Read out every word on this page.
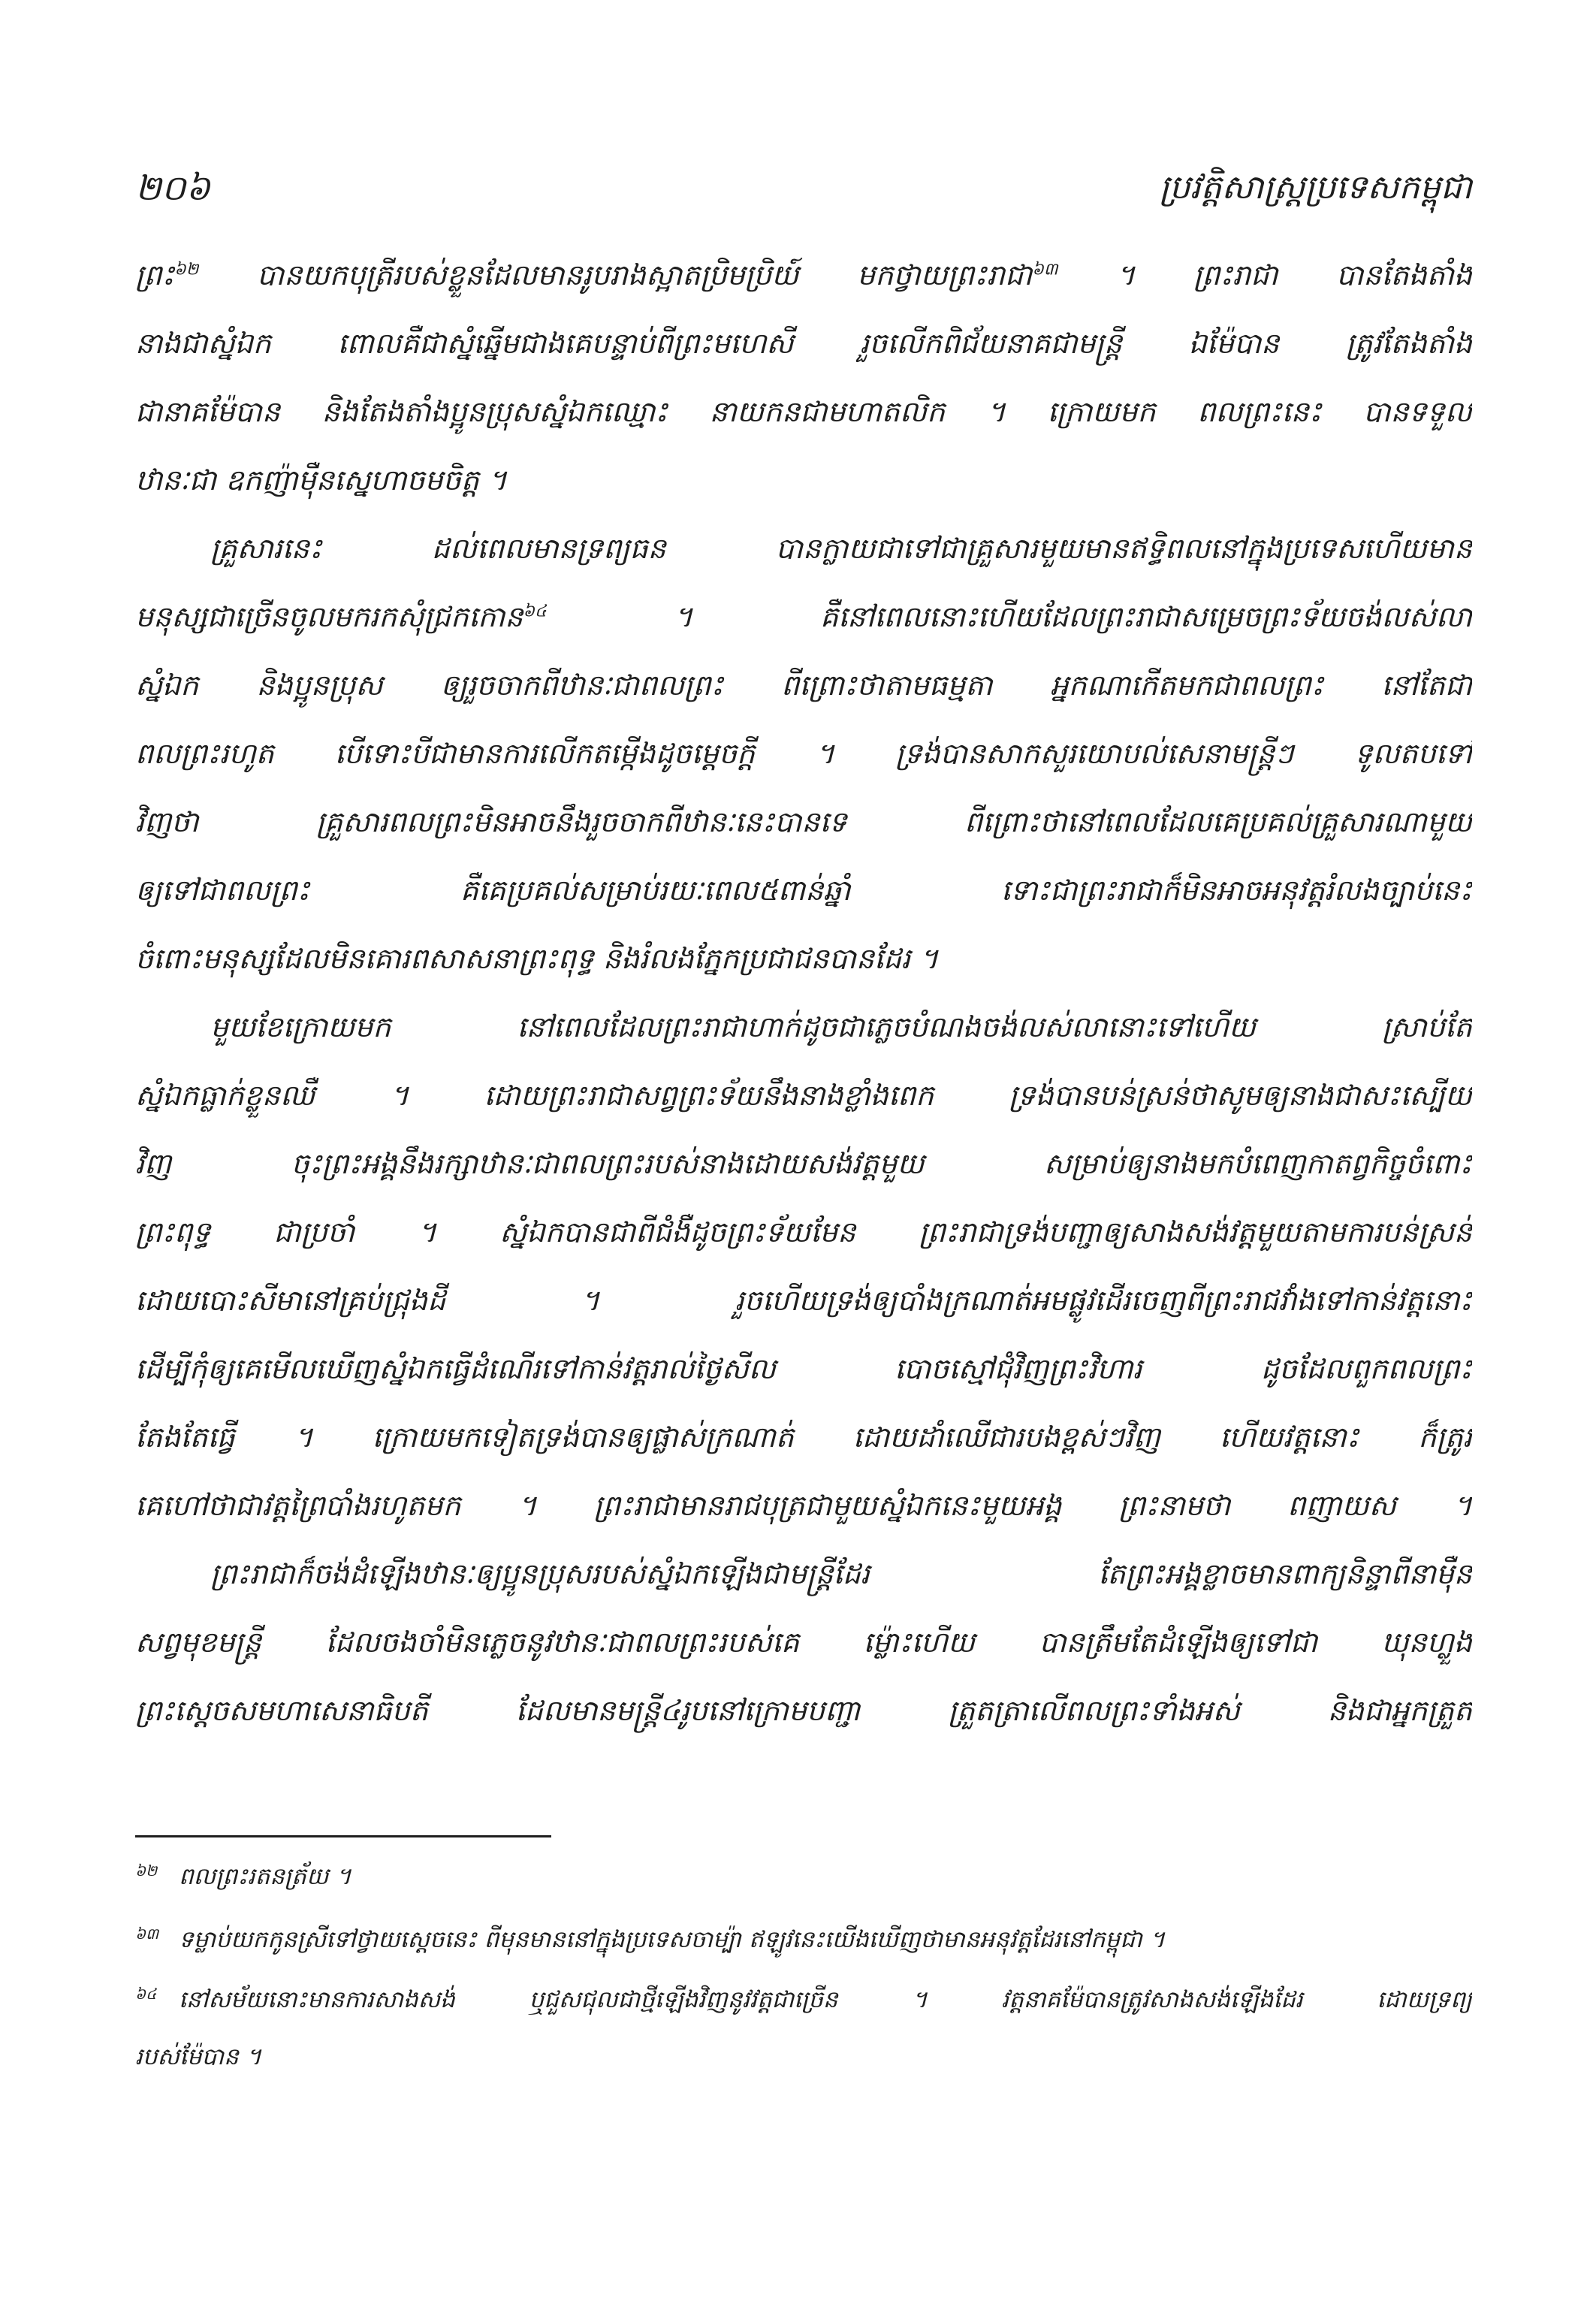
២០៦	ប្រវត្តិសាស្ត្រប្រទេសកម្ពុជា
ព្រះ$^{៦២}$ បានយកបុត្រីរបស់ខ្លួនដែលមានរូបរាងស្អាតប្រិមប្រិយ៍ មកថ្វាយព្រះរាជា$^{៦៣}$ ។ ព្រះរាជា បានតែងតាំង
នាងជាស្នំឯក ពោលគឺជាស្នំឆ្នើមជាងគេបន្ទាប់ពីព្រះមហេសី រួចលើកពិជ័យនាគជាមន្ត្រី ឯម៉ែបាន ត្រូវតែងតាំង
ជានាគម៉ែបាន និងតែងតាំងប្អូនប្រុសស្នំឯកឈ្មោះ នាយកនជាមហាតលិក ។ ក្រោយមក ពលព្រះនេះ បានទទួល
ឋានៈជា ឧកញ៉ាម៉ឺនស្នេហាចមចិត្ត ។
គ្រួសារនេះ ដល់ពេលមានទ្រព្យធន បានក្លាយជាទៅជាគ្រួសារមួយមានឥទ្ធិពលនៅក្នុងប្រទេសហើយមាន
មនុស្សជាច្រើនចូលមករកសុំជ្រកកោន$^{៦៤}$ ។ គឺនៅពេលនោះហើយដែលព្រះរាជាសម្រេចព្រះទ័យចង់លស់លា
ស្នំឯក និងប្អូនប្រុស ឲ្យរួចចាកពីឋានៈជាពលព្រះ ពីព្រោះថាតាមធម្មតា អ្នកណាកើតមកជាពលព្រះ នៅតែជា
ពលព្រះរហូត បើទោះបីជាមានការលើកតម្កើងដូចម្ដេចក្ដី ។ ទ្រង់បានសាកសួរយោបល់សេនាមន្ត្រីៗ ទូលតបទៅ
វិញថា គ្រួសារពលព្រះមិនអាចនឹងរួចចាកពីឋានៈនេះបានទេ ពីព្រោះថានៅពេលដែលគេប្រគល់គ្រួសារណាមួយ
ឲ្យទៅជាពលព្រះ គឺគេប្រគល់សម្រាប់រយៈពេល៥ពាន់ឆ្នាំ ទោះជាព្រះរាជាក៏មិនអាចអនុវត្តរំលងច្បាប់នេះ
ចំពោះមនុស្សដែលមិនគោរពសាសនាព្រះពុទ្ធ និងរំលងភ្នែកប្រជាជនបានដែរ ។
មួយខែក្រោយមក នៅពេលដែលព្រះរាជាហាក់ដូចជាភ្លេចបំណងចង់លស់លានោះទៅហើយ ស្រាប់តែ
ស្នំឯកធ្លាក់ខ្លួនឈឺ ។ ដោយព្រះរាជាសព្វព្រះទ័យនឹងនាងខ្លាំងពេក ទ្រង់បានបន់ស្រន់ថាសូមឲ្យនាងជាសះស្បើយ
វិញ ចុះព្រះអង្គនឹងរក្សាឋានៈជាពលព្រះរបស់នាងដោយសង់វត្តមួយ សម្រាប់ឲ្យនាងមកបំពេញកាតព្វកិច្ចចំពោះ
ព្រះពុទ្ធ ជាប្រចាំ ។ ស្នំឯកបានជាពីជំងឺដូចព្រះទ័យមែន ព្រះរាជាទ្រង់បញ្ជាឲ្យសាងសង់វត្តមួយតាមការបន់ស្រន់
ដោយបោះសីមានៅគ្រប់ជ្រុងដី ។ រួចហើយទ្រង់ឲ្យបាំងក្រណាត់អមផ្លូវដើរចេញពីព្រះរាជវាំងទៅកាន់វត្តនោះ
ដើម្បីកុំឲ្យគេមើលឃើញស្នំឯកធ្វើដំណើរទៅកាន់វត្តរាល់ថ្ងៃសីល បោចស្មៅជុំវិញព្រះវិហារ ដូចដែលពួកពលព្រះ
តែងតែធ្វើ ។ ក្រោយមកទៀតទ្រង់បានឲ្យផ្លាស់ក្រណាត់ ដោយដាំឈើជារបងខ្ពស់ៗវិញ ហើយវត្តនោះ ក៏ត្រូវ
គេហៅថាជាវត្តព្រៃបាំងរហូតមក ។ ព្រះរាជាមានរាជបុត្រជាមួយស្នំឯកនេះមួយអង្គ ព្រះនាមថា ពញាយស ។
ព្រះរាជាក៏ចង់ដំឡើងឋានៈឲ្យប្អូនប្រុសរបស់ស្នំឯកឡើងជាមន្ត្រីដែរ តែព្រះអង្គខ្លាចមានពាក្យនិន្ទាពីនាម៉ឺន
សព្វមុខមន្ត្រី ដែលចងចាំមិនភ្លេចនូវឋានៈជាពលព្រះរបស់គេ ម៉្លោះហើយ បានត្រឹមតែដំឡើងឲ្យទៅជា ឃុនហ្លួង
ព្រះស្ដេចសមហាសេនាធិបតី ដែលមានមន្ត្រី៤រូបនៅក្រោមបញ្ជា ត្រួតត្រាលើពលព្រះទាំងអស់ និងជាអ្នកត្រួត
៦២ ពលព្រះរតនត្រ័យ ។
៦៣ ទម្លាប់យកកូនស្រីទៅថ្វាយស្ដេចនេះ ពីមុនមាននៅក្នុងប្រទេសចាម្ប៉ា ឥឡូវនេះយើងឃើញថាមានអនុវត្តដែរនៅកម្ពុជា ។
៦៤ នៅសម័យនោះមានការសាងសង់ ឬជួសជុលជាថ្មីឡើងវិញនូវវត្តជាច្រើន ។ វត្តនាគម៉ែបានត្រូវសាងសង់ឡើងដែរ ដោយទ្រព្យ
របស់ម៉ែបាន ។
